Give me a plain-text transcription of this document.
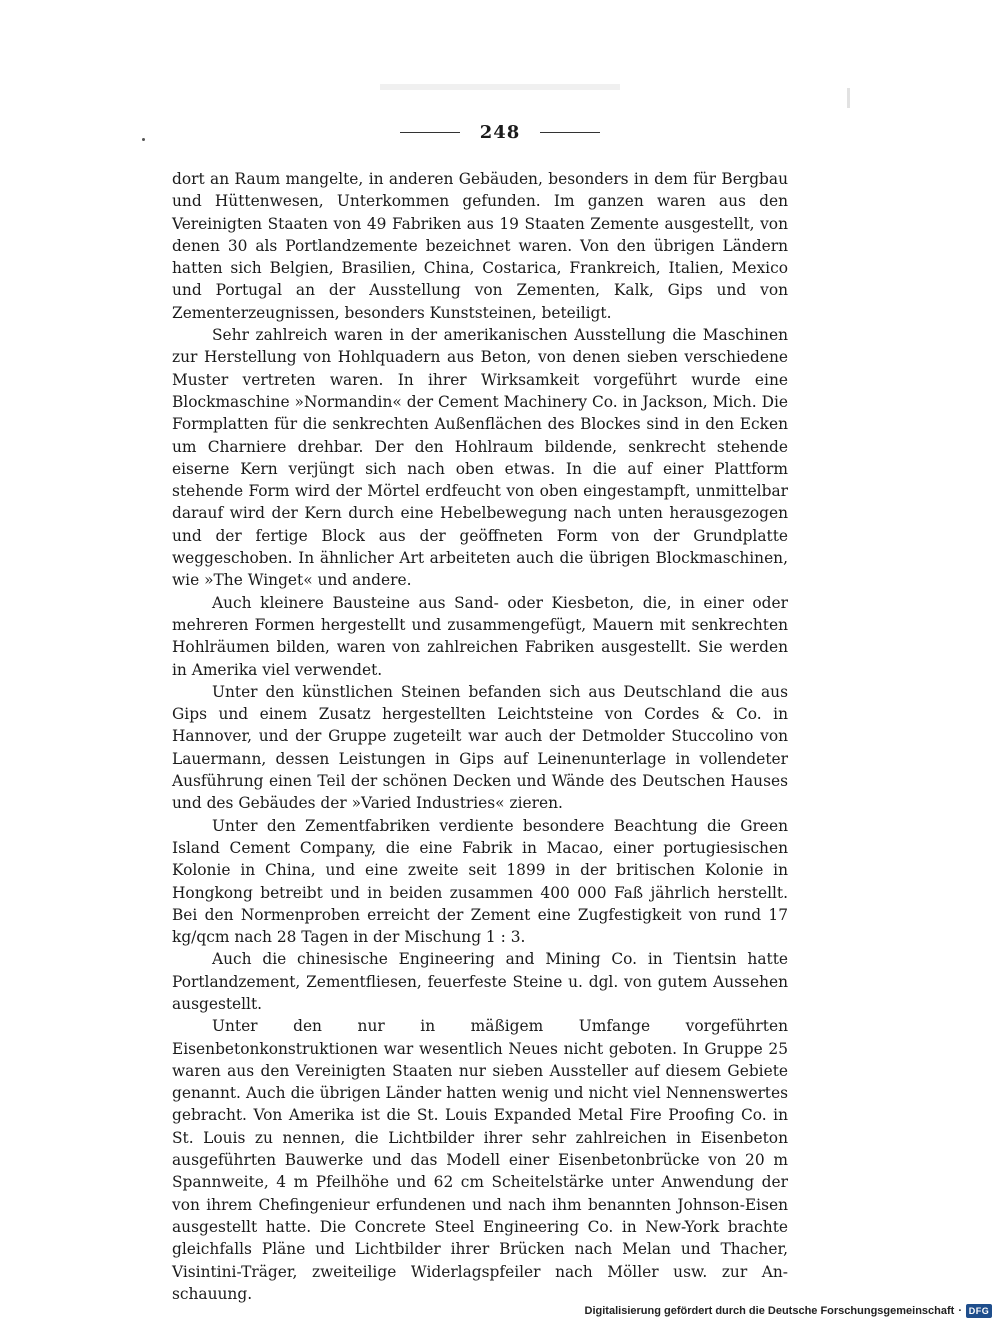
248

dort an Raum mangelte, in anderen Gebäuden, besonders in dem für Bergbau und Hüttenwesen, Unterkommen gefunden. Im ganzen waren aus den Vereinigten Staaten von 49 Fabriken aus 19 Staaten Zemente ausgestellt, von denen 30 als Portlandzemente bezeichnet waren. Von den übrigen Ländern hatten sich Belgien, Brasilien, China, Costarica, Frankreich, Italien, Mexico und Portugal an der Ausstellung von Zementen, Kalk, Gips und von Zementerzeugnissen, besonders Kunststeinen, beteiligt.

Sehr zahlreich waren in der amerikanischen Ausstellung die Maschinen zur Herstellung von Hohlquadern aus Beton, von denen sieben verschiedene Muster vertreten waren. In ihrer Wirksamkeit vorgeführt wurde eine Blockmaschine »Normandin« der Cement Machinery Co. in Jackson, Mich. Die Formplatten für die senkrechten Außenflächen des Blockes sind in den Ecken um Charniere drehbar. Der den Hohlraum bildende, senkrecht stehende eiserne Kern verjüngt sich nach oben etwas. In die auf einer Plattform stehende Form wird der Mörtel erdfeucht von oben eingestampft, unmittelbar darauf wird der Kern durch eine Hebelbewegung nach unten herausgezogen und der fertige Block aus der geöffneten Form von der Grundplatte weggeschoben. In ähnlicher Art arbeiteten auch die übrigen Blockmaschinen, wie »The Winget« und andere.

Auch kleinere Bausteine aus Sand- oder Kiesbeton, die, in einer oder mehreren Formen hergestellt und zusammengefügt, Mauern mit senkrechten Hohlräumen bilden, waren von zahlreichen Fabriken ausgestellt. Sie werden in Amerika viel verwendet.

Unter den künstlichen Steinen befanden sich aus Deutschland die aus Gips und einem Zusatz hergestellten Leichtsteine von Cordes & Co. in Hannover, und der Gruppe zugeteilt war auch der Detmolder Stuccolino von Lauermann, dessen Leistungen in Gips auf Leinenunterlage in vollendeter Ausführung einen Teil der schönen Decken und Wände des Deutschen Hauses und des Gebäudes der »Varied Industries« zieren.

Unter den Zementfabriken verdiente besondere Beachtung die Green Island Cement Company, die eine Fabrik in Macao, einer portugiesischen Kolonie in China, und eine zweite seit 1899 in der britischen Kolonie in Hongkong betreibt und in beiden zusammen 400 000 Faß jährlich herstellt. Bei den Normenproben erreicht der Zement eine Zugfestigkeit von rund 17 kg/qcm nach 28 Tagen in der Mischung 1 : 3.

Auch die chinesische Engineering and Mining Co. in Tientsin hatte Portlandzement, Zementfliesen, feuerfeste Steine u. dgl. von gutem Aussehen ausgestellt.

Unter den nur in mäßigem Umfange vorgeführten Eisenbetonkonstruktionen war wesentlich Neues nicht geboten. In Gruppe 25 waren aus den Vereinigten Staaten nur sieben Aussteller auf diesem Gebiete genannt. Auch die übrigen Länder hatten wenig und nicht viel Nennenswertes gebracht. Von Amerika ist die St. Louis Expanded Metal Fire Proofing Co. in St. Louis zu nennen, die Lichtbilder ihrer sehr zahlreichen in Eisenbeton ausgeführten Bauwerke und das Modell einer Eisenbetonbrücke von 20 m Spannweite, 4 m Pfeilhöhe und 62 cm Scheitelstärke unter Anwendung der von ihrem Chefingenieur erfundenen und nach ihm benannten Johnson-Eisen ausgestellt hatte. Die Concrete Steel Engineering Co. in New-York brachte gleichfalls Pläne und Lichtbilder ihrer Brücken nach Melan und Thacher, Visintini-Träger, zweiteilige Widerlagspfeiler nach Möller usw. zur Anschauung.

Digitalisierung gefördert durch die Deutsche Forschungsgemeinschaft · DFG
